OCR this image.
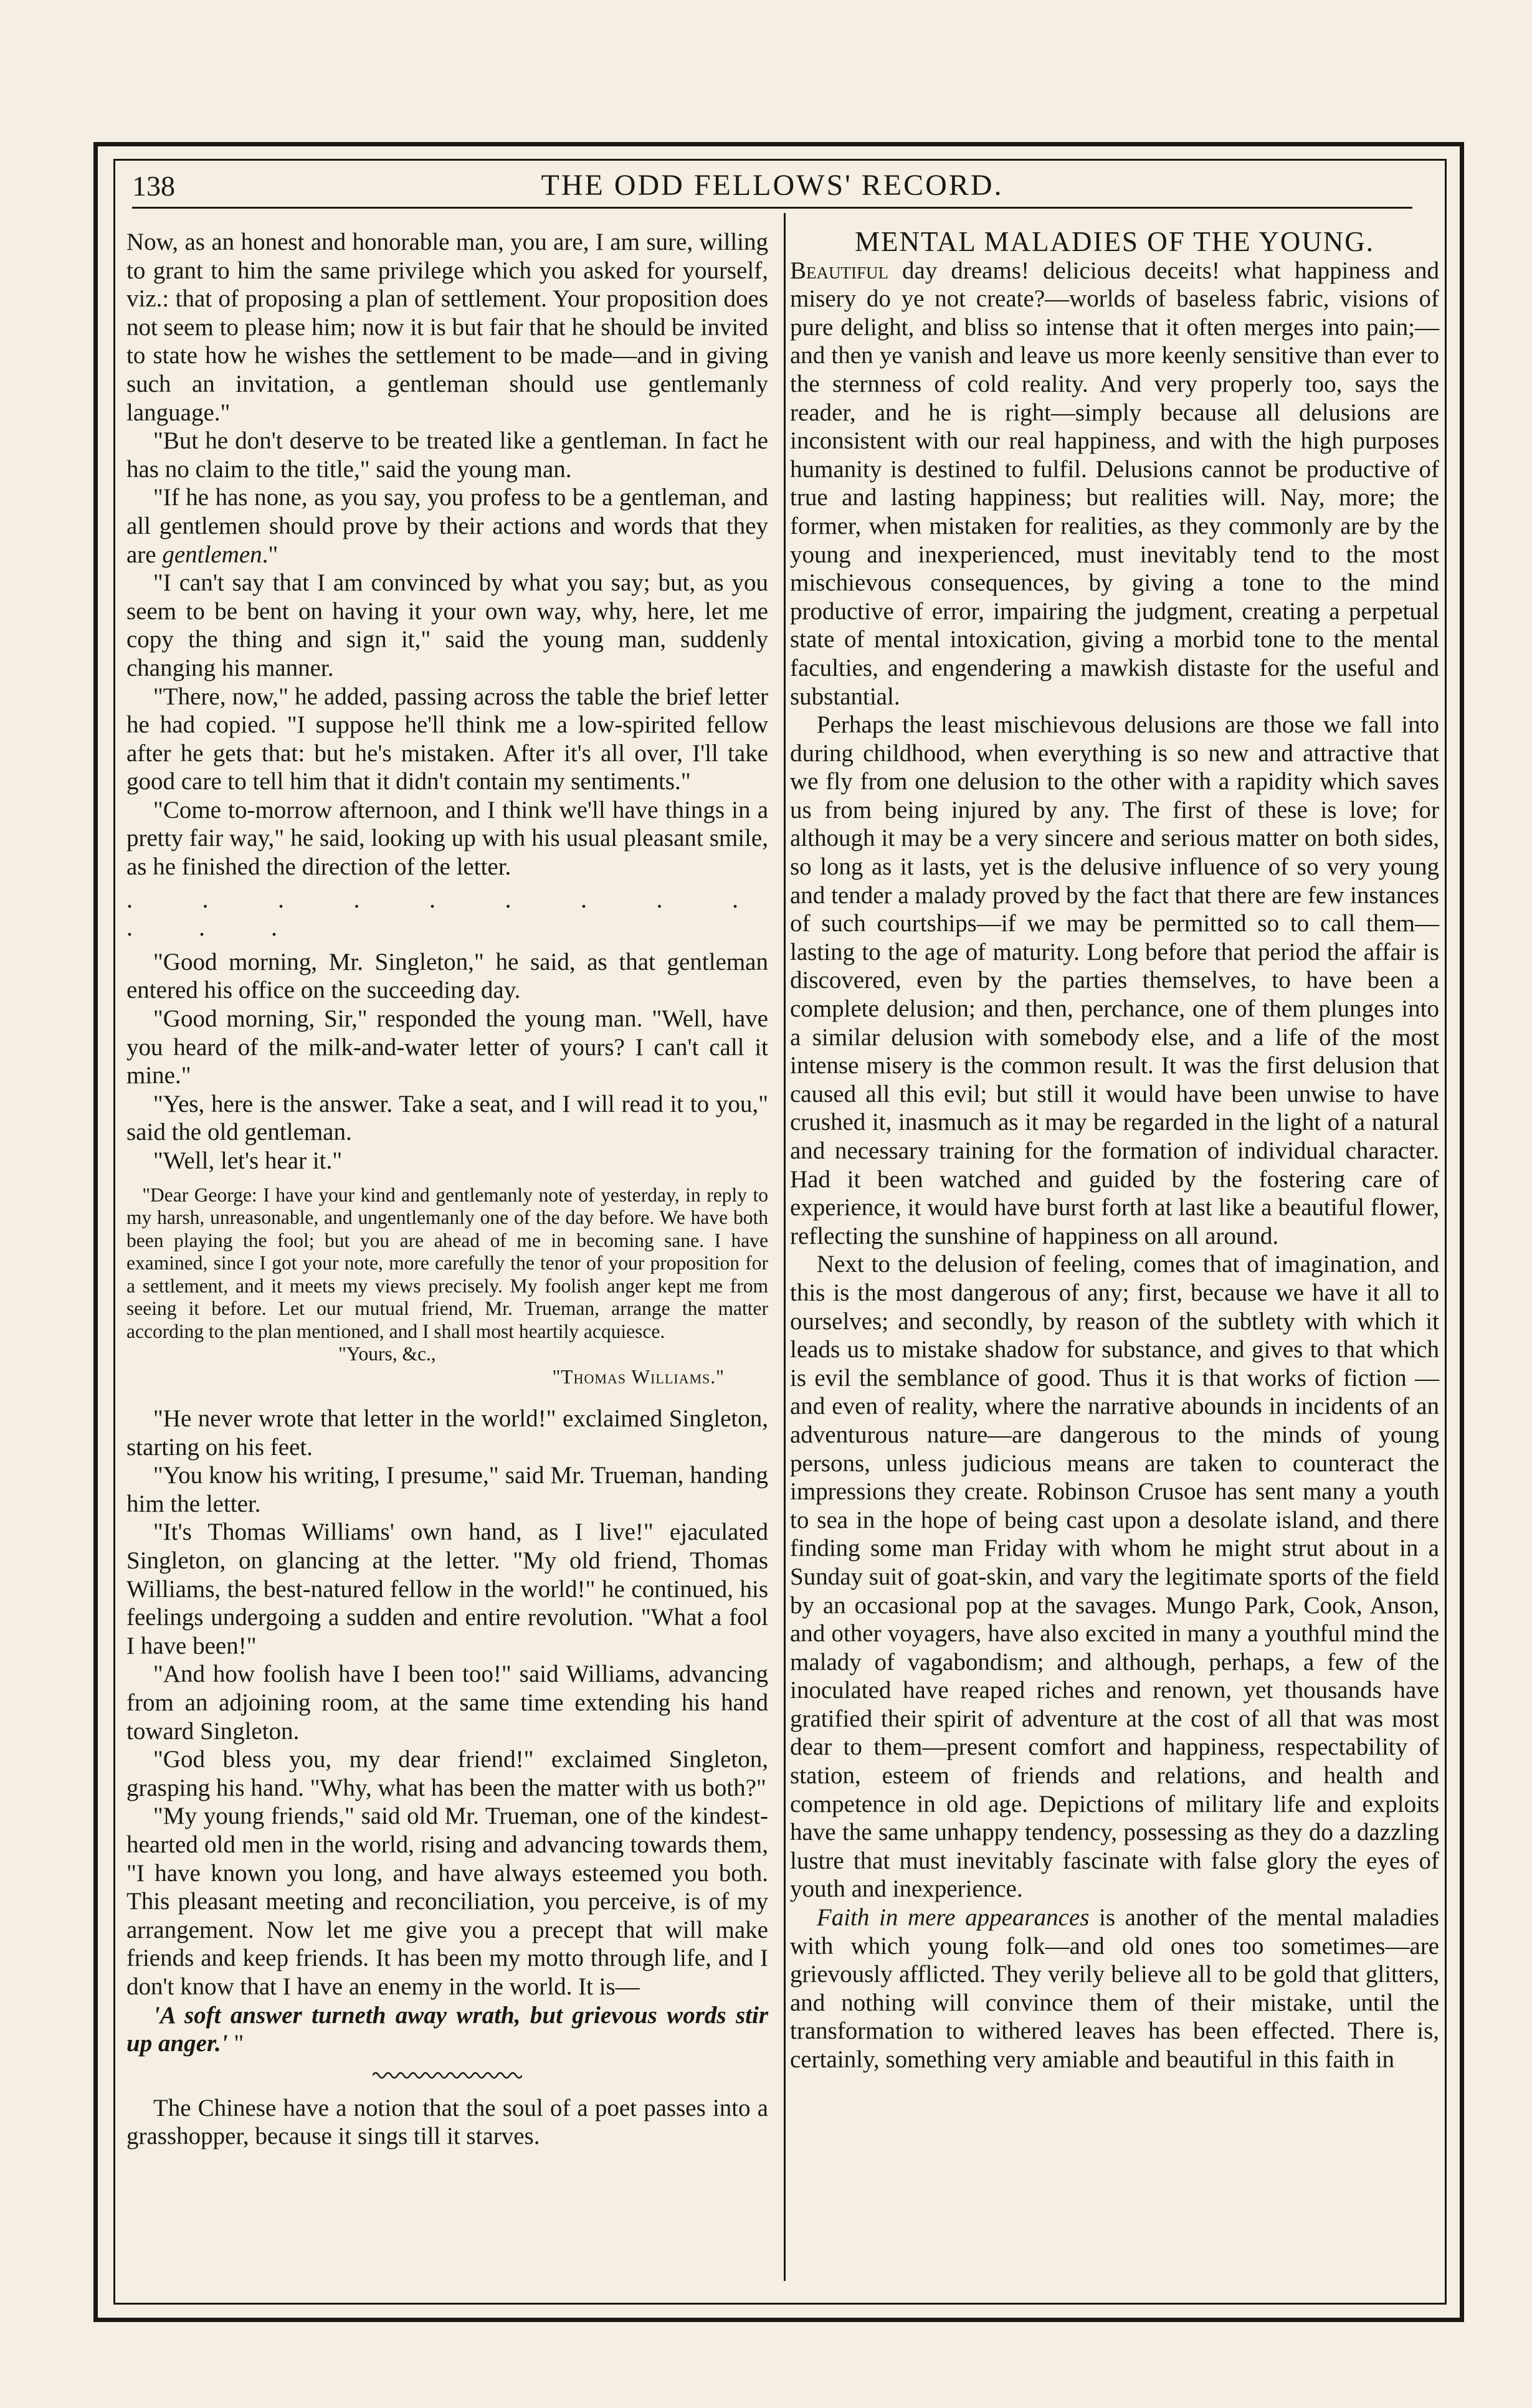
138	THE ODD FELLOWS' RECORD.

Now, as an honest and honorable man, you are, I am sure, willing to grant to him the same privilege which you asked for yourself, viz.: that of proposing a plan of settlement. Your proposition does not seem to please him; now it is but fair that he should be invited to state how he wishes the settlement to be made—and in giving such an invitation, a gentleman should use gentlemanly language."

"But he don't deserve to be treated like a gentleman. In fact he has no claim to the title," said the young man.

"If he has none, as you say, you profess to be a gentleman, and all gentlemen should prove by their actions and words that they are gentlemen."

"I can't say that I am convinced by what you say; but, as you seem to be bent on having it your own way, why, here, let me copy the thing and sign it," said the young man, suddenly changing his manner.

"There, now," he added, passing across the table the brief letter he had copied. "I suppose he'll think me a low-spirited fellow after he gets that: but he's mistaken. After it's all over, I'll take good care to tell him that it didn't contain my sentiments."

"Come to-morrow afternoon, and I think we'll have things in a pretty fair way," he said, looking up with his usual pleasant smile, as he finished the direction of the letter.

. . . . . . . . . . . .

"Good morning, Mr. Singleton," he said, as that gentleman entered his office on the succeeding day.

"Good morning, Sir," responded the young man. "Well, have you heard of the milk-and-water letter of yours? I can't call it mine."

"Yes, here is the answer. Take a seat, and I will read it to you," said the old gentleman.

"Well, let's hear it."

"Dear George: I have your kind and gentlemanly note of yesterday, in reply to my harsh, unreasonable, and ungentlemanly one of the day before. We have both been playing the fool; but you are ahead of me in becoming sane. I have examined, since I got your note, more carefully the tenor of your proposition for a settlement, and it meets my views precisely. My foolish anger kept me from seeing it before. Let our mutual friend, Mr. Trueman, arrange the matter according to the plan mentioned, and I shall most heartily acquiesce.

"Yours, &c.,

"Thomas Williams."

"He never wrote that letter in the world!" exclaimed Singleton, starting on his feet.

"You know his writing, I presume," said Mr. Trueman, handing him the letter.

"It's Thomas Williams' own hand, as I live!" ejaculated Singleton, on glancing at the letter. "My old friend, Thomas Williams, the best-natured fellow in the world!" he continued, his feelings undergoing a sudden and entire revolution. "What a fool I have been!"

"And how foolish have I been too!" said Williams, advancing from an adjoining room, at the same time extending his hand toward Singleton.

"God bless you, my dear friend!" exclaimed Singleton, grasping his hand. "Why, what has been the matter with us both?"

"My young friends," said old Mr. Trueman, one of the kindest-hearted old men in the world, rising and advancing towards them, "I have known you long, and have always esteemed you both. This pleasant meeting and reconciliation, you perceive, is of my arrangement. Now let me give you a precept that will make friends and keep friends. It has been my motto through life, and I don't know that I have an enemy in the world. It is—

'A soft answer turneth away wrath, but grievous words stir up anger.' "

The Chinese have a notion that the soul of a poet passes into a grasshopper, because it sings till it starves.

MENTAL MALADIES OF THE YOUNG.

Beautiful day dreams! delicious deceits! what happiness and misery do ye not create?—worlds of baseless fabric, visions of pure delight, and bliss so intense that it often merges into pain;—and then ye vanish and leave us more keenly sensitive than ever to the sternness of cold reality. And very properly too, says the reader, and he is right—simply because all delusions are inconsistent with our real happiness, and with the high purposes humanity is destined to fulfil. Delusions cannot be productive of true and lasting happiness; but realities will. Nay, more; the former, when mistaken for realities, as they commonly are by the young and inexperienced, must inevitably tend to the most mischievous consequences, by giving a tone to the mind productive of error, impairing the judgment, creating a perpetual state of mental intoxication, giving a morbid tone to the mental faculties, and engendering a mawkish distaste for the useful and substantial.

Perhaps the least mischievous delusions are those we fall into during childhood, when everything is so new and attractive that we fly from one delusion to the other with a rapidity which saves us from being injured by any. The first of these is love; for although it may be a very sincere and serious matter on both sides, so long as it lasts, yet is the delusive influence of so very young and tender a malady proved by the fact that there are few instances of such courtships—if we may be permitted so to call them—lasting to the age of maturity. Long before that period the affair is discovered, even by the parties themselves, to have been a complete delusion; and then, perchance, one of them plunges into a similar delusion with somebody else, and a life of the most intense misery is the common result. It was the first delusion that caused all this evil; but still it would have been unwise to have crushed it, inasmuch as it may be regarded in the light of a natural and necessary training for the formation of individual character. Had it been watched and guided by the fostering care of experience, it would have burst forth at last like a beautiful flower, reflecting the sunshine of happiness on all around.

Next to the delusion of feeling, comes that of imagination, and this is the most dangerous of any; first, because we have it all to ourselves; and secondly, by reason of the subtlety with which it leads us to mistake shadow for substance, and gives to that which is evil the semblance of good. Thus it is that works of fiction —and even of reality, where the narrative abounds in incidents of an adventurous nature—are dangerous to the minds of young persons, unless judicious means are taken to counteract the impressions they create. Robinson Crusoe has sent many a youth to sea in the hope of being cast upon a desolate island, and there finding some man Friday with whom he might strut about in a Sunday suit of goat-skin, and vary the legitimate sports of the field by an occasional pop at the savages. Mungo Park, Cook, Anson, and other voyagers, have also excited in many a youthful mind the malady of vagabondism; and although, perhaps, a few of the inoculated have reaped riches and renown, yet thousands have gratified their spirit of adventure at the cost of all that was most dear to them—present comfort and happiness, respectability of station, esteem of friends and relations, and health and competence in old age. Depictions of military life and exploits have the same unhappy tendency, possessing as they do a dazzling lustre that must inevitably fascinate with false glory the eyes of youth and inexperience.

Faith in mere appearances is another of the mental maladies with which young folk—and old ones too sometimes—are grievously afflicted. They verily believe all to be gold that glitters, and nothing will convince them of their mistake, until the transformation to withered leaves has been effected. There is, certainly, something very amiable and beautiful in this faith in
